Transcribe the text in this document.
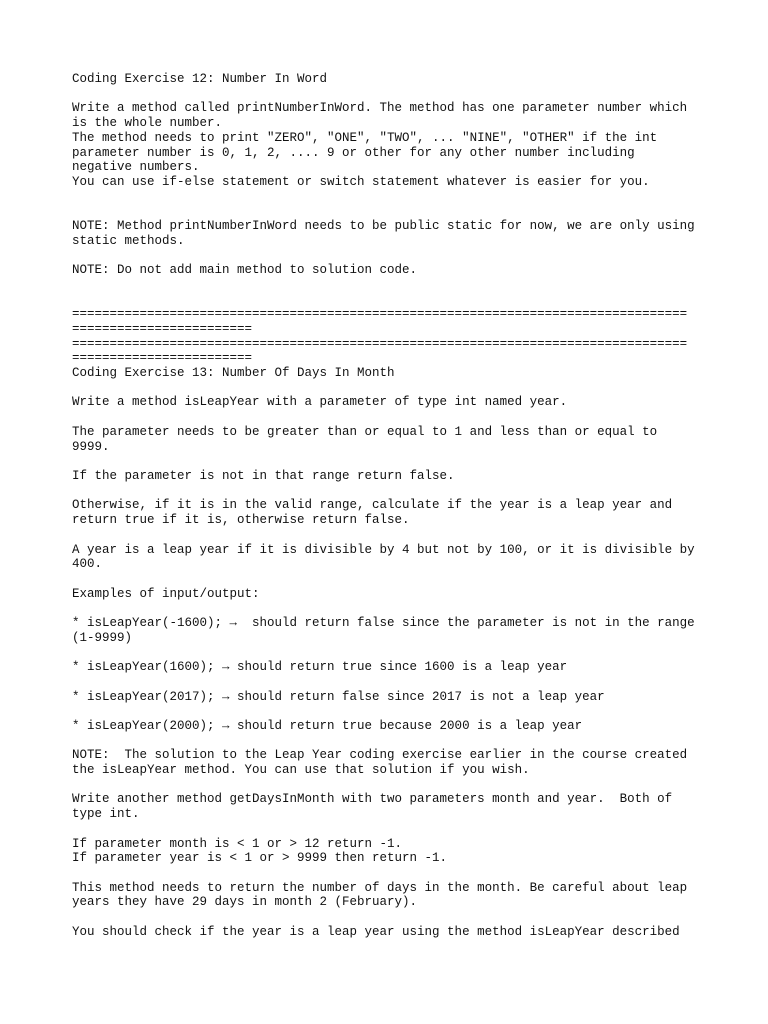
Coding Exercise 12: Number In Word

Write a method called printNumberInWord. The method has one parameter number which

is the whole number.

The method needs to print "ZERO", "ONE", "TWO", ... "NINE", "OTHER" if the int

parameter number is 0, 1, 2, .... 9 or other for any other number including

negative numbers.

You can use if-else statement or switch statement whatever is easier for you.

NOTE: Method printNumberInWord needs to be public static for now, we are only using

static methods.

NOTE: Do not add main method to solution code.

==================================================================================

========================

==================================================================================

========================

Coding Exercise 13: Number Of Days In Month

Write a method isLeapYear with a parameter of type int named year.

The parameter needs to be greater than or equal to 1 and less than or equal to

9999.

If the parameter is not in that range return false.

Otherwise, if it is in the valid range, calculate if the year is a leap year and

return true if it is, otherwise return false.

A year is a leap year if it is divisible by 4 but not by 100, or it is divisible by

400.

Examples of input/output:

* isLeapYear(-1600); →  should return false since the parameter is not in the range

(1-9999)

* isLeapYear(1600); → should return true since 1600 is a leap year

* isLeapYear(2017); → should return false since 2017 is not a leap year

* isLeapYear(2000); → should return true because 2000 is a leap year

NOTE:  The solution to the Leap Year coding exercise earlier in the course created

the isLeapYear method. You can use that solution if you wish.

Write another method getDaysInMonth with two parameters month and year.  Both of

type int.

If parameter month is < 1 or > 12 return -1.

If parameter year is < 1 or > 9999 then return -1.

This method needs to return the number of days in the month. Be careful about leap

years they have 29 days in month 2 (February).

You should check if the year is a leap year using the method isLeapYear described
